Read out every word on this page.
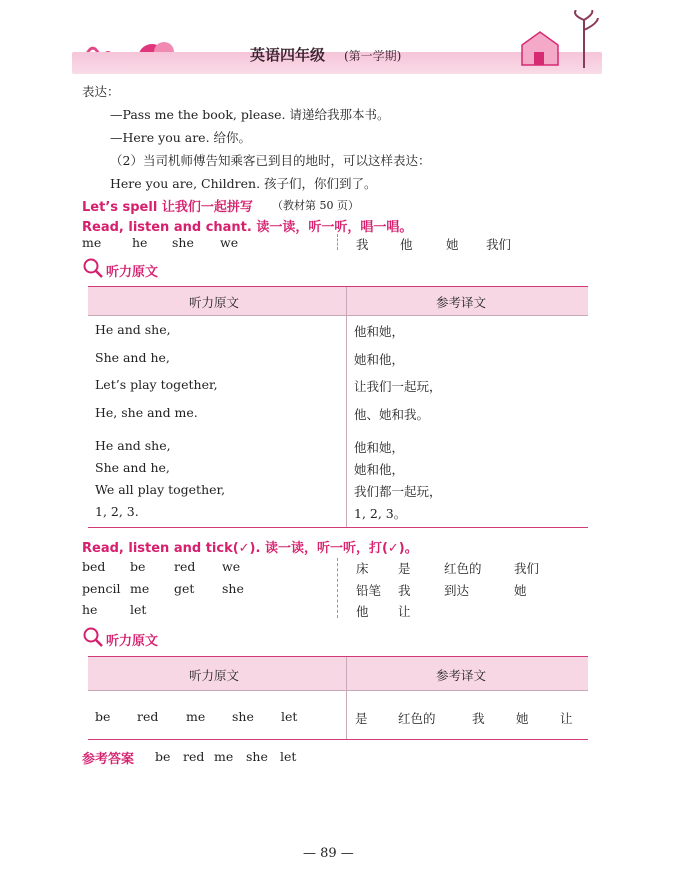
英语四年级 (第一学期)
表达：
—Pass me the book, please. 请递给我那本书。
—Here you are. 给你。
（2）当司机师傅告知乘客已到目的地时，可以这样表达：
Here you are, Children. 孩子们，你们到了。
Let’s spell 让我们一起拼写 （教材第 50 页）
Read, listen and chant. 读一读，听一听，唱一唱。
me he she we	我	他	她 我们
听力原文
听力原文	参考译文
He and she,	他和她，
She and he,	她和他，
Let’s play together,	让我们一起玩，
He, she and me.	他、她和我。
He and she,	他和她，
She and he,	她和他，
We all play together,	我们都一起玩，
1, 2, 3.	1, 2, 3。
Read, listen and tick(✓). 读一读，听一听，打(✓)。
bed be red we
pencil me get she
he	let
床 是	红色的	我们
铅笔 我	到达	她
他 让
听力原文
听力原文	参考译文
be red me she let	是 红色的	我	她	让
参考答案 be red me she let
— 89 —
